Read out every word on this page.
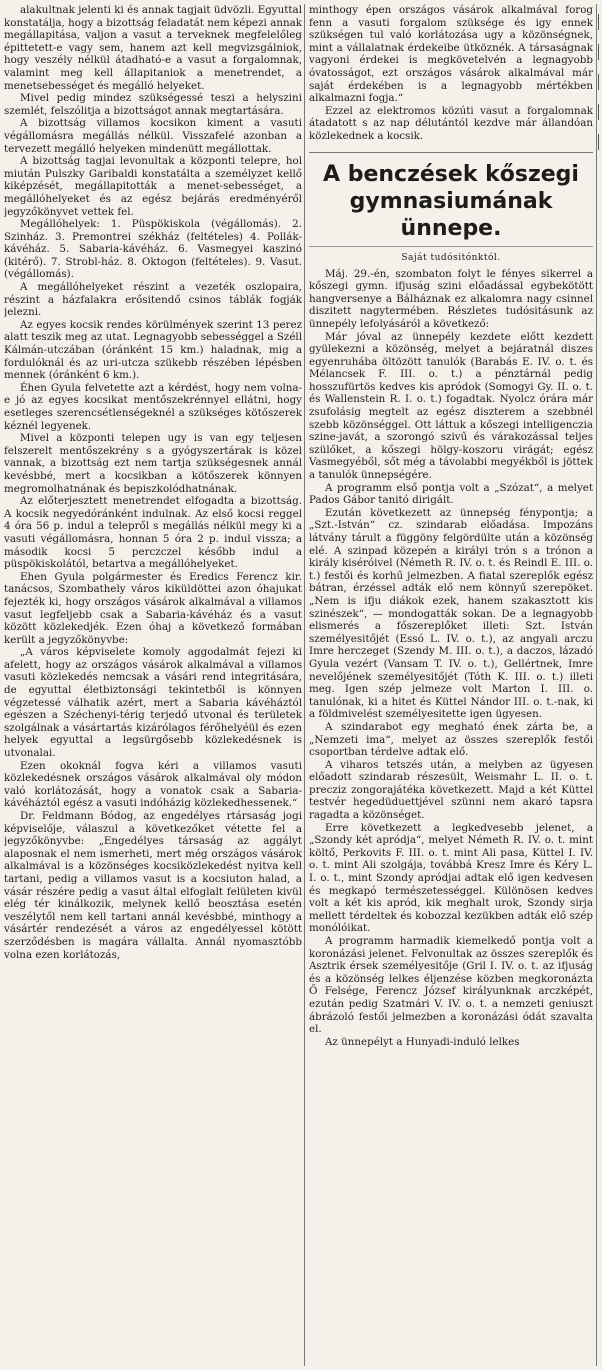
alakultnak jelenti ki és annak tagjait üdvözli. Egyuttal konstatálja, hogy a bizottság feladatát nem képezi annak megállapitása, valjon a vasut a terveknek megfelelőleg épittetett-e vagy sem, hanem azt kell megvizsgálniok, hogy veszély nélkül átadható-e a vasut a forgalomnak, valamint meg kell állapitaniok a menetrendet, a menetsebességet és megálló helyeket.

Mivel pedig mindez szükségessé teszi a helyszini szemlét, felszólitja a bizottságot annak megtartására.

A bizottság villamos kocsikon kiment a vasuti végállomásra megállás nélkül. Visszafelé azonban a tervezett megálló helyeken mindenütt megállottak.

A bizottság tagjai levonultak a központi telepre, hol miután Pulszky Garibaldi konstatálta a személyzet kellő kiképzését, megállapitották a menet-sebességet, a megállóhelyeket és az egész bejárás eredményéről jegyzőkönyvet vettek fel.

Megállóhelyek: 1. Püspökiskola (végállomás). 2. Szinház. 3. Premontrei székház (feltételes) 4. Pollák-kávéház. 5. Sabaria-kávéház. 6. Vasmegyei kaszinó (kitérő). 7. Strobl-ház. 8. Oktogon (feltételes). 9. Vasut. (végállomás).

A megállóhelyeket részint a vezeték oszlopaira, részint a házfalakra erősitendő csinos táblák fogják jelezni.

Az egyes kocsik rendes körülmények szerint 13 perez alatt teszik meg az utat. Legnagyobb sebességgel a Széll Kálmán-utczában (óránként 15 km.) haladnak, mig a fordulóknál és az uri-utcza szükebb részében lépésben mennek (óránként 6 km.).

Éhen Gyula felvetette azt a kérdést, hogy nem volna-e jó az egyes kocsikat mentőszekrénnyel ellátni, hogy esetleges szerencsétlenségeknél a szükséges kötőszerek kéznél legyenek.

Mivel a központi telepen ugy is van egy teljesen felszerelt mentőszekrény s a gyógyszertárak is közel vannak, a bizottság ezt nem tartja szükségesnek annál kevésbbé, mert a kocsikban a kötőszerek könnyen megromolhatnának és bepiszkolódhatnának.

Az előterjesztett menetrendet elfogadta a bizottság. A kocsik negyedóránként indulnak. Az első kocsi reggel 4 óra 56 p. indul a telepről s megállás nélkül megy ki a vasuti végállomásra, honnan 5 óra 2 p. indul vissza; a második kocsi 5 perczczel később indul a püspökiskolától, betartva a megállóhelyeket.

Ehen Gyula polgármester és Eredics Ferencz kir. tanácsos, Szombathely város kiküldöttei azon óhajukat fejezték ki, hogy országos vásárok alkalmával a villamos vasut legfeljebb csak a Sabaria-kávéház és a vasut között közlekedjék. Ezen óhaj a következő formában került a jegyzőkönyvbe:

„A város képviselete komoly aggodalmát fejezi ki afelett, hogy az országos vásárok alkalmával a villamos vasuti közlekedés nemcsak a vásári rend integritására, de egyuttal életbiztonsági tekintetből is könnyen végzetessé válhatik azért, mert a Sabaria kávéháztól egészen a Széchenyi-térig terjedő utvonal és területek szolgálnak a vásártartás kizárólagos férőhelyéül és ezen helyek egyuttal a legsürgősebb közlekedésnek is utvonalai.

Ezen okoknál fogva kéri a villamos vasuti közlekedésnek országos vásárok alkalmával oly módon való korlátozását, hogy a vonatok csak a Sabaria-kávéháztól egész a vasuti indóházig közlekedhessenek.“

Dr. Feldmann Bódog, az engedélyes rtársaság jogi képviselője, válaszul a következőket vétette fel a jegyzőkönyvbe: „Engedélyes társaság az aggályt alaposnak el nem ismerheti, mert még országos vásárok alkalmával is a közönséges kocsiközlekedést nyitva kell tartani, pedig a villamos vasut is a kocsiuton halad, a vásár részére pedig a vasut által elfoglalt felületen kivül elég tér kinálkozik, melynek kellő beosztása esetén veszélytől nem kell tartani annál kevésbbé, minthogy a vásártér rendezését a város az engedélyessel kötött szerződésben is magára vállalta. Annál nyomasztóbb volna ezen korlátozás,

minthogy épen országos vásárok alkalmával forog fenn a vasuti forgalom szüksége és igy ennek szükségen tul való korlátozása ugy a közönségnek, mint a vállalatnak érdekeibe ütköznék. A társaságnak vagyoni érdekei is megkövetelvén a legnagyobb óvatosságot, ezt országos vásárok alkalmával már saját érdekében is a legnagyobb mértékben alkalmazni fogja.“

Ezzel az elektromos közúti vasut a forgalomnak átadatott s az nap délutántól kezdve már állandóan közlekednek a kocsik.

A benczések kőszegi gymnasiumának ünnepe.
Saját tudósitónktól.

Máj. 29.-én, szombaton folyt le fényes sikerrel a kőszegi gymn. ifjuság szini előadással egybekötött hangversenye a Bálháznak ez alkalomra nagy csinnel diszitett nagytermében. Részletes tudósitásunk az ünnepély lefolyásáról a következő:

Már jóval az ünnepély kezdete előtt kezdett gyülekezni a közönség, melyet a bejáratnál diszes egyenruhába öltözött tanulók (Barabás E. IV. o. t. és Mélancsek F. III. o. t.) a pénztárnál pedig hosszufürtös kedves kis apródok (Somogyi Gy. II. o. t. és Wallenstein R. I. o. t.) fogadtak. Nyolcz órára már zsufolásig megtelt az egész diszterem a szebbnél szebb közönséggel. Ott láttuk a kőszegi intelligenczia szine-javát, a szorongó szivű és várakozással teljes szülőket, a kőszegi hölgy-koszoru virágát; egész Vasmegyéből, sőt még a távolabbi megyékből is jöttek a tanulók ünnepségére.

A programm első pontja volt a „Szózat“, a melyet Pados Gábor tanitó dirigált.

Ezután következett az ünnepség fénypontja; a „Szt.-István“ cz. szindarab előadása. Impozáns látvány tárult a függöny felgördülte után a közönség elé. A szinpad közepén a királyi trón s a trónon a király kiséróivel (Németh R. IV. o. t. és Reindl E. III. o. t.) festői és korhű jelmezben. A fiatal szereplők egész bátran, érzéssel adták elő nem könnyű szerepöket. „Nem is ifju diákok ezek, hanem szakasztott kis szinészek“, — mondogatták sokan. De a legnagyobb elismerés a főszereplőket illeti: Szt. István személyesitőjét (Essó L. IV. o. t.), az angyali arczu Imre herczeget (Szendy M. III. o. t.), a daczos, lázadó Gyula vezért (Vansam T. IV. o. t.), Gellértnek, Imre nevelőjének személyesitőjét (Tóth K. III. o. t.) illeti meg. Igen szép jelmeze volt Marton I. III. o. tanulónak, ki a hitet és Küttel Nándor III. o. t.-nak, ki a földmivelést személyesitette igen ügyesen.

A szindarabot egy megható ének zárta be, a „Nemzeti ima“, melyet az összes szereplők festői csoportban térdelve adtak elő.

A viharos tetszés után, a melyben az ügyesen előadott szindarab részesült, Weismahr L. II. o. t. precziz zongorajátéka következett. Majd a két Küttel testvér hegedüduettjével szünni nem akaró tapsra ragadta a közönséget.

Erre következett a legkedvesebb jelenet, a „Szondy két apródja“, melyet Németh R. IV. o. t. mint költő, Perkovits F. III. o. t. mint Ali pasa, Küttel I. IV. o. t. mint Ali szolgája, továbbá Kresz Imre és Kéry L. I. o. t., mint Szondy apródjai adtak elő igen kedvesen és megkapó természetességgel. Különösen kedves volt a két kis apród, kik meghalt urok, Szondy sirja mellett térdeltek és kobozzal kezükben adták elő szép monólóikat.

A programm harmadik kiemelkedő pontja volt a koronázási jelenet. Felvonultak az összes szereplők és Asztrik érsek személyesitője (Gril I. IV. o. t. az ifjuság és a közönség lelkes éljenzése közben megkoronázta Ő Felsége, Ferencz József királyunknak arczképét, ezután pedig Szatmári V. IV. o. t. a nemzeti geniuszt ábrázoló festői jelmezben a koronázási ódát szavalta el.

Az ünnepélyt a Hunyadi-induló lelkes
